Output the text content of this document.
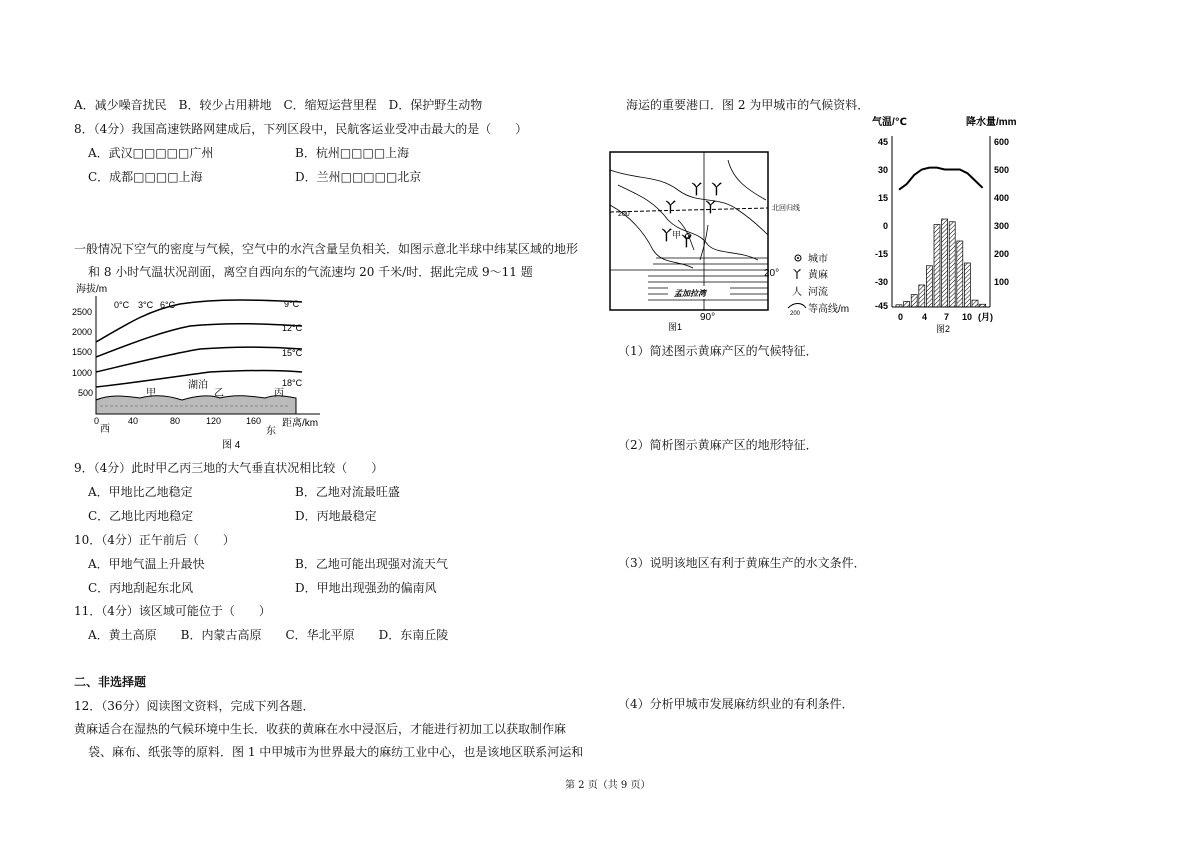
A．减少噪音扰民　B．较少占用耕地　C．缩短运营里程　D．保护野生动物
8．（4分）我国高速铁路网建成后，下列区段中，民航客运业受冲击最大的是（　　）
A．武汉□□□□□广州	B．杭州□□□□上海
C．成都□□□□上海	D．兰州□□□□□北京
一般情况下空气的密度与气候，空气中的水汽含量呈负相关．如图示意北半球中纬某区域的地形
和 8 小时气温状况剖面，离空自西向东的气流速均 20 千米/时．据此完成 9～11 题
海拔/m
2500
2000
1500
1000
500
0	40	80	120	160
西	东
距离/km
0°C 3°C 6°C	9°C
12°C
15°C
18°C
甲
湖泊
乙	丙
图 4
9．（4分）此时甲乙丙三地的大气垂直状况相比较（　　）
A．甲地比乙地稳定	B．乙地对流最旺盛
C．乙地比丙地稳定	D．丙地最稳定
10．（4分）正午前后（　　）
A．甲地气温上升最快	B．乙地可能出现强对流天气
C．丙地刮起东北风	D．甲地出现强劲的偏南风
11．（4分）该区域可能位于（　　）
A．黄土高原　　B．内蒙古高原　　C．华北平原　　D．东南丘陵
二、非选择题
12．（36分）阅读图文资料，完成下列各题．
黄麻适合在湿热的气候环境中生长．收获的黄麻在水中浸沤后，才能进行初加工以获取制作麻
袋、麻布、纸张等的原料．图 1 中甲城市为世界最大的麻纺工业中心，也是该地区联系河运和
海运的重要港口．图 2 为甲城市的气候资料．
北回归线
200
孟加拉湾
丫 丫
丫 丫
丫 丫
甲
20°
90°
图1
城市
丫 黄麻
人 河流
200 等高线/m
气温/℃	降水量/mm
45
30
15
0
-15
-30
-45
600
500
400
300
200
100
0 4 7 10 (月)
图2
（1）简述图示黄麻产区的气候特征．
（2）简析图示黄麻产区的地形特征．
（3）说明该地区有利于黄麻生产的水文条件．
（4）分析甲城市发展麻纺织业的有利条件．
第 2 页（共 9 页）
